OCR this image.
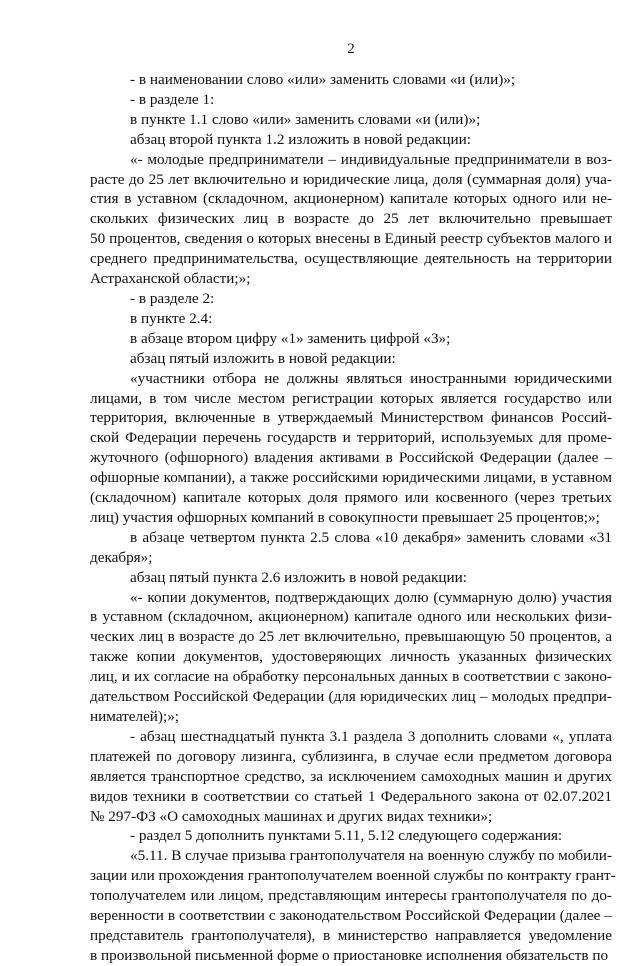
2
- в наименовании слово «или» заменить словами «и (или)»;
- в разделе 1:
в пункте 1.1 слово «или» заменить словами «и (или)»;
абзац второй пункта 1.2 изложить в новой редакции:
«- молодые предприниматели – индивидуальные предприниматели в воз-
расте до 25 лет включительно и юридические лица, доля (суммарная доля) уча-
стия в уставном (складочном, акционерном) капитале которых одного или не-
скольких физических лиц в возрасте до 25 лет включительно превышает
50 процентов, сведения о которых внесены в Единый реестр субъектов малого и
среднего предпринимательства, осуществляющие деятельность на территории
Астраханской области;»;
- в разделе 2:
в пункте 2.4:
в абзаце втором цифру «1» заменить цифрой «3»;
абзац пятый изложить в новой редакции:
«участники отбора не должны являться иностранными юридическими
лицами, в том числе местом регистрации которых является государство или
территория, включенные в утверждаемый Министерством финансов Россий-
ской Федерации перечень государств и территорий, используемых для проме-
жуточного (офшорного) владения активами в Российской Федерации (далее –
офшорные компании), а также российскими юридическими лицами, в уставном
(складочном) капитале которых доля прямого или косвенного (через третьих
лиц) участия офшорных компаний в совокупности превышает 25 процентов;»;
в абзаце четвертом пункта 2.5 слова «10 декабря» заменить словами «31
декабря»;
абзац пятый пункта 2.6 изложить в новой редакции:
«- копии документов, подтверждающих долю (суммарную долю) участия
в уставном (складочном, акционерном) капитале одного или нескольких физи-
ческих лиц в возрасте до 25 лет включительно, превышающую 50 процентов, а
также копии документов, удостоверяющих личность указанных физических
лиц, и их согласие на обработку персональных данных в соответствии с законо-
дательством Российской Федерации (для юридических лиц – молодых предпри-
нимателей);»;
- абзац шестнадцатый пункта 3.1 раздела 3 дополнить словами «, уплата
платежей по договору лизинга, сублизинга, в случае если предметом договора
является транспортное средство, за исключением самоходных машин и других
видов техники в соответствии со статьей 1 Федерального закона от 02.07.2021
№ 297-ФЗ «О самоходных машинах и других видах техники»;
- раздел 5 дополнить пунктами 5.11, 5.12 следующего содержания:
«5.11. В случае призыва грантополучателя на военную службу по мобили-
зации или прохождения грантополучателем военной службы по контракту грант-
тополучателем или лицом, представляющим интересы грантополучателя по до-
веренности в соответствии с законодательством Российской Федерации (далее –
представитель грантополучателя), в министерство направляется уведомление
в произвольной письменной форме о приостановке исполнения обязательств по
